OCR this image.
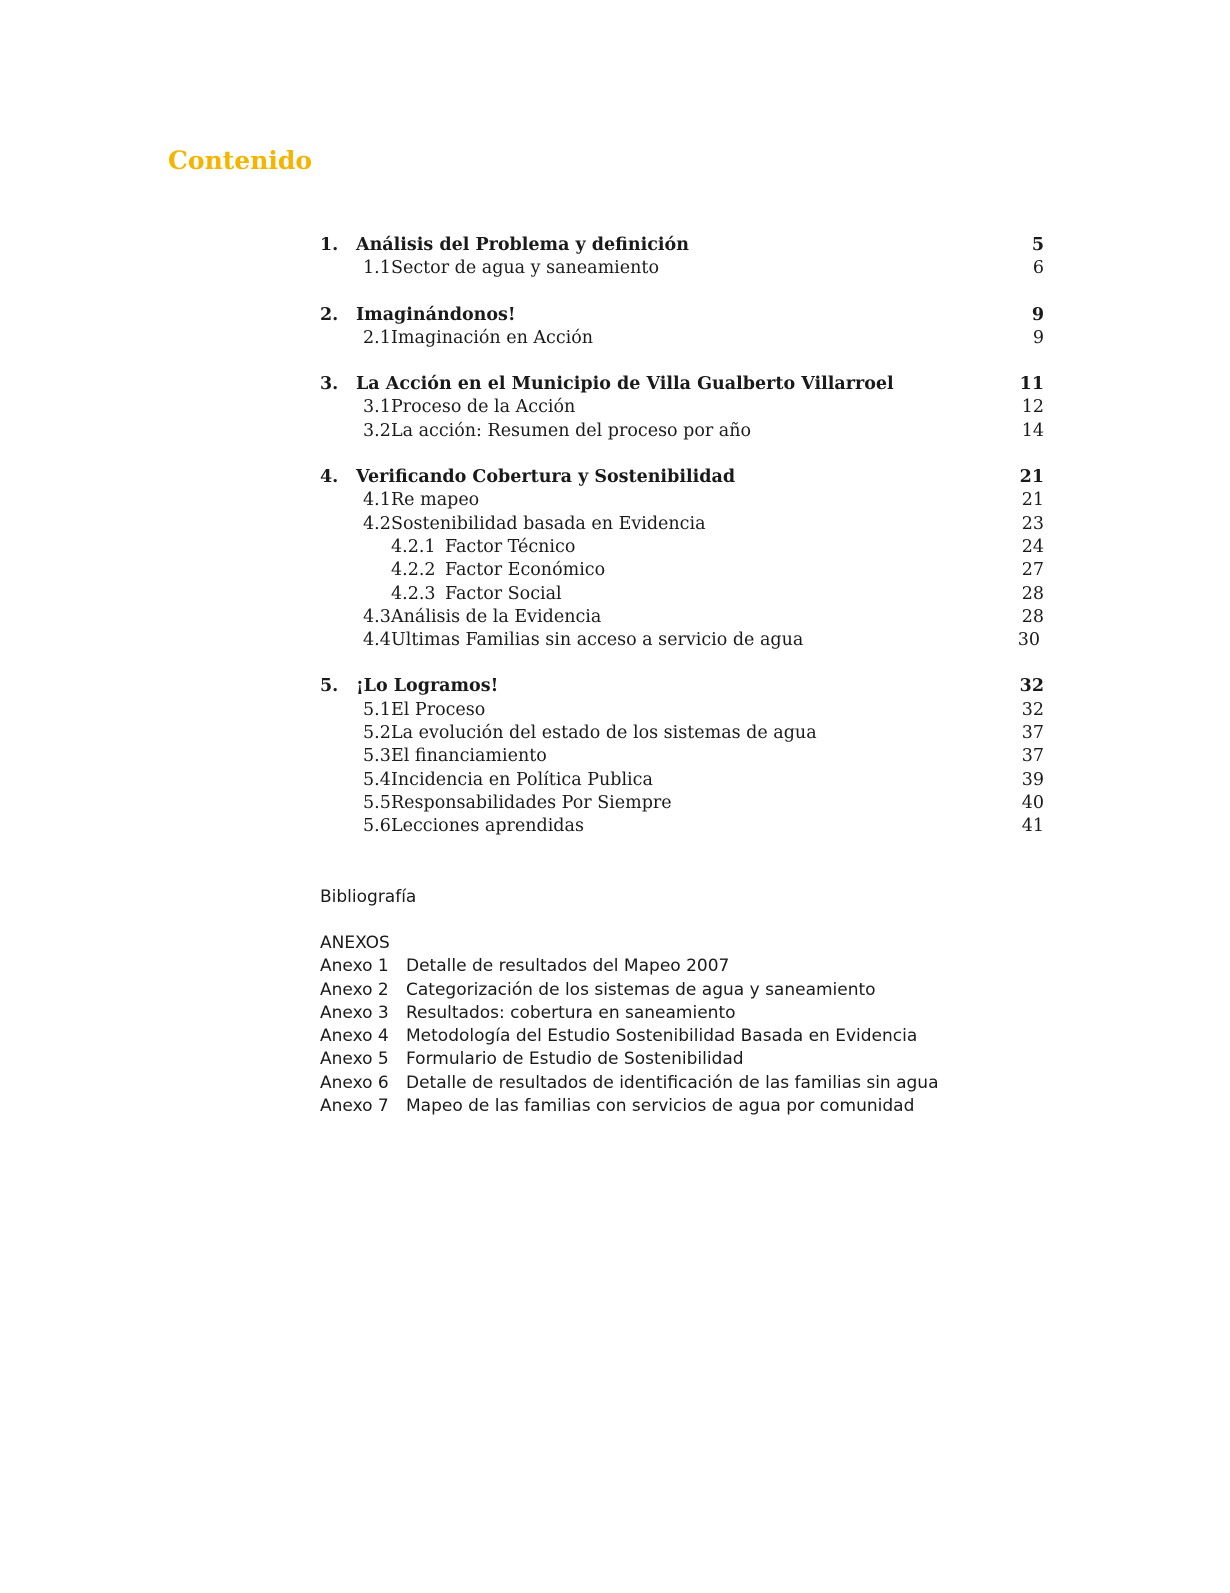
Contenido
1. Análisis del Problema y definición	5
1.1 Sector de agua y saneamiento	6
2. Imaginándonos!	9
2.1 Imaginación en Acción	9
3. La Acción en el Municipio de Villa Gualberto Villarroel	11
3.1 Proceso de la Acción	12
3.2 La acción: Resumen del proceso por año	14
4. Verificando Cobertura y Sostenibilidad	21
4.1 Re mapeo	21
4.2 Sostenibilidad basada en Evidencia	23
4.2.1 Factor Técnico	24
4.2.2 Factor Económico	27
4.2.3 Factor Social	28
4.3 Análisis de la Evidencia	28
4.4 Ultimas Familias sin acceso a servicio de agua	30
5. ¡Lo Logramos!	32
5.1 El Proceso	32
5.2 La evolución del estado de los sistemas de agua	37
5.3 El financiamiento	37
5.4 Incidencia en Política Publica	39
5.5 Responsabilidades Por Siempre	40
5.6 Lecciones aprendidas	41
Bibliografía
ANEXOS
Anexo 1 Detalle de resultados del Mapeo 2007
Anexo 2 Categorización de los sistemas de agua y saneamiento
Anexo 3 Resultados: cobertura en saneamiento
Anexo 4 Metodología del Estudio Sostenibilidad Basada en Evidencia
Anexo 5 Formulario de Estudio de Sostenibilidad
Anexo 6 Detalle de resultados de identificación de las familias sin agua
Anexo 7 Mapeo de las familias con servicios de agua por comunidad
